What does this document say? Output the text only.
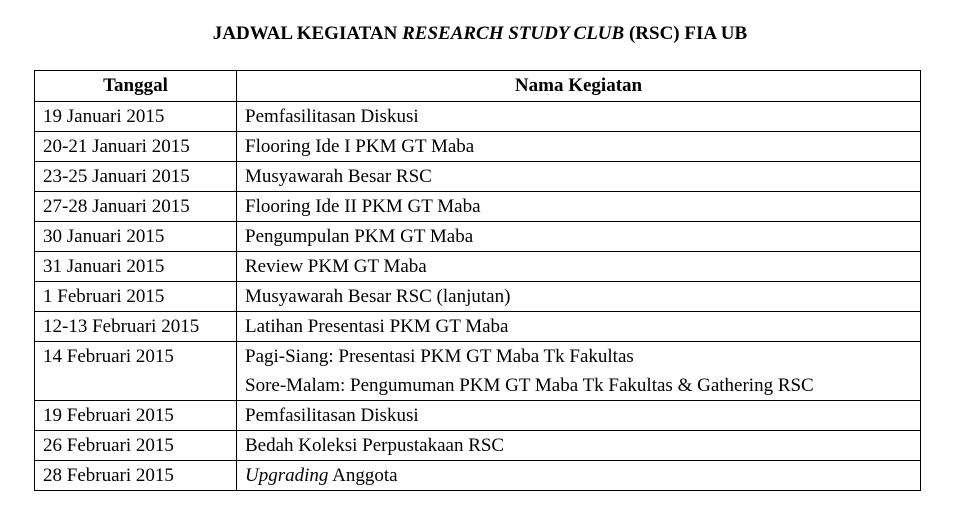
JADWAL KEGIATAN RESEARCH STUDY CLUB (RSC) FIA UB
Tanggal	Nama Kegiatan
19 Januari 2015	Pemfasilitasan Diskusi

20-21 Januari 2015	Flooring Ide I PKM GT Maba

23-25 Januari 2015	Musyawarah Besar RSC

27-28 Januari 2015	Flooring Ide II PKM GT Maba

30 Januari 2015	Pengumpulan PKM GT Maba

31 Januari 2015	Review PKM GT Maba

1 Februari 2015	Musyawarah Besar RSC (lanjutan)

12-13 Februari 2015	Latihan Presentasi PKM GT Maba

14 Februari 2015	Pagi-Siang: Presentasi PKM GT Maba Tk Fakultas
Sore-Malam: Pengumuman PKM GT Maba Tk Fakultas & Gathering RSC

19 Februari 2015	Pemfasilitasan Diskusi

26 Februari 2015	Bedah Koleksi Perpustakaan RSC

28 Februari 2015	Upgrading Anggota
